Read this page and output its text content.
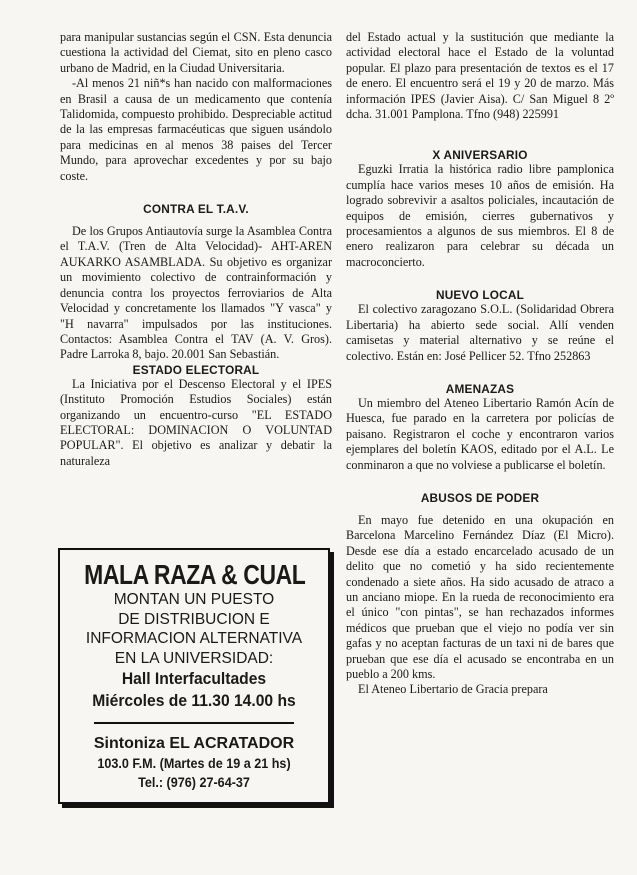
para manipular sustancias según el CSN. Esta denuncia cuestiona la actividad del Ciemat, sito en pleno casco urbano de Madrid, en la Ciudad Universitaria.

-Al menos 21 niñ*s han nacido con malformaciones en Brasil a causa de un medicamento que contenía Talidomida, compuesto prohibido. Despreciable actitud de la las empresas farmacéuticas que siguen usándolo para medicinas en al menos 38 paises del Tercer Mundo, para aprovechar excedentes y por su bajo coste.

CONTRA EL T.A.V.

De los Grupos Antiautovía surge la Asamblea Contra el T.A.V. (Tren de Alta Velocidad)- AHT-AREN AUKARKO ASAMBLADA. Su objetivo es organizar un movimiento colectivo de contrainformación y denuncia contra los proyectos ferroviarios de Alta Velocidad y concretamente los llamados "Y vasca" y "H navarra" impulsados por las instituciones. Contactos: Asamblea Contra el TAV (A. V. Gros). Padre Larroka 8, bajo. 20.001 San Sebastián.

ESTADO ELECTORAL

La Iniciativa por el Descenso Electoral y el IPES (Instituto Promoción Estudios Sociales) están organizando un encuentro-curso "EL ESTADO ELECTORAL: DOMINACION O VOLUNTAD POPULAR". El objetivo es analizar y debatir la naturaleza

MALA RAZA & CUAL
MONTAN UN PUESTO
DE DISTRIBUCION E
INFORMACION ALTERNATIVA
EN LA UNIVERSIDAD:
Hall Interfacultades
Miércoles de 11.30 14.00 hs
Sintoniza EL ACRATADOR
103.0 F.M. (Martes de 19 a 21 hs)
Tel.: (976) 27-64-37

del Estado actual y la sustitución que mediante la actividad electoral hace el Estado de la voluntad popular. El plazo para presentación de textos es el 17 de enero. El encuentro será el 19 y 20 de marzo. Más información IPES (Javier Aisa). C/ San Miguel 8 2º dcha. 31.001 Pamplona. Tfno (948) 225991

X ANIVERSARIO

Eguzki Irratia la histórica radio libre pamplonica cumplía hace varios meses 10 años de emisión. Ha logrado sobrevivir a asaltos policiales, incautación de equipos de emisión, cierres gubernativos y procesamientos a algunos de sus miembros. El 8 de enero realizaron para celebrar su década un macroconcierto.

NUEVO LOCAL

El colectivo zaragozano S.O.L. (Solidaridad Obrera Libertaria) ha abierto sede social. Allí venden camisetas y material alternativo y se reúne el colectivo. Están en: José Pellicer 52. Tfno 252863

AMENAZAS

Un miembro del Ateneo Libertario Ramón Acín de Huesca, fue parado en la carretera por policías de paisano. Registraron el coche y encontraron varios ejemplares del boletín KAOS, editado por el A.L. Le conminaron a que no volviese a publicarse el boletín.

ABUSOS DE PODER

En mayo fue detenido en una okupación en Barcelona Marcelino Fernández Díaz (El Micro). Desde ese día a estado encarcelado acusado de un delito que no cometió y ha sido recientemente condenado a siete años. Ha sido acusado de atraco a un anciano miope. En la rueda de reconocimiento era el único "con pintas", se han rechazados informes médicos que prueban que el viejo no podía ver sin gafas y no aceptan facturas de un taxi ni de bares que prueban que ese día el acusado se encontraba en un pueblo a 200 kms.

El Ateneo Libertario de Gracia prepara
